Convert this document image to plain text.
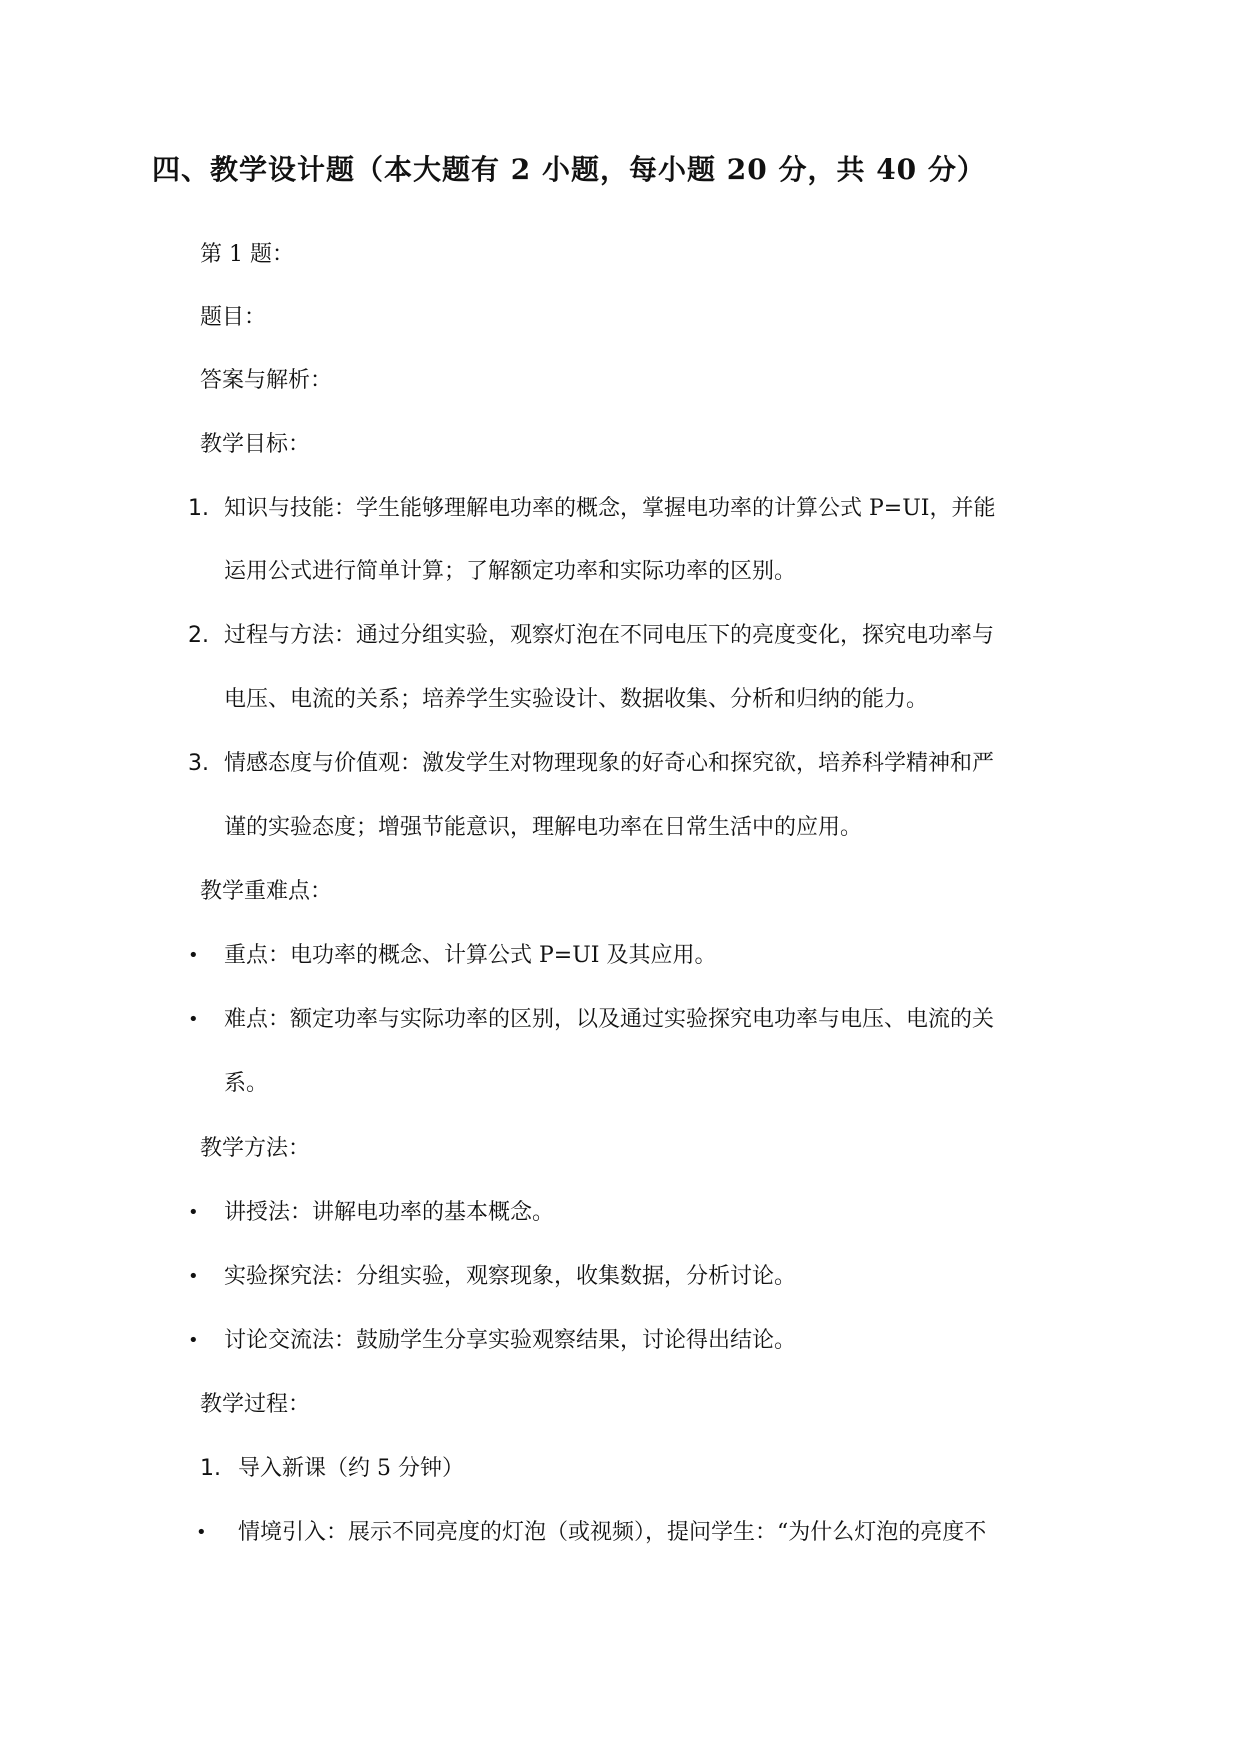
四、教学设计题（本大题有 2 小题，每小题 20 分，共 40 分）
第 1 题：
题目：
答案与解析：
教学目标：
1. 知识与技能：学生能够理解电功率的概念，掌握电功率的计算公式 P=UI，并能
运用公式进行简单计算；了解额定功率和实际功率的区别。
2. 过程与方法：通过分组实验，观察灯泡在不同电压下的亮度变化，探究电功率与
电压、电流的关系；培养学生实验设计、数据收集、分析和归纳的能力。
3. 情感态度与价值观：激发学生对物理现象的好奇心和探究欲，培养科学精神和严
谨的实验态度；增强节能意识，理解电功率在日常生活中的应用。
教学重难点：
• 重点：电功率的概念、计算公式 P=UI 及其应用。
• 难点：额定功率与实际功率的区别，以及通过实验探究电功率与电压、电流的关
系。
教学方法：
• 讲授法：讲解电功率的基本概念。
• 实验探究法：分组实验，观察现象，收集数据，分析讨论。
• 讨论交流法：鼓励学生分享实验观察结果，讨论得出结论。
教学过程：
1. 导入新课（约 5 分钟）
• 情境引入：展示不同亮度的灯泡（或视频），提问学生：“为什么灯泡的亮度不
